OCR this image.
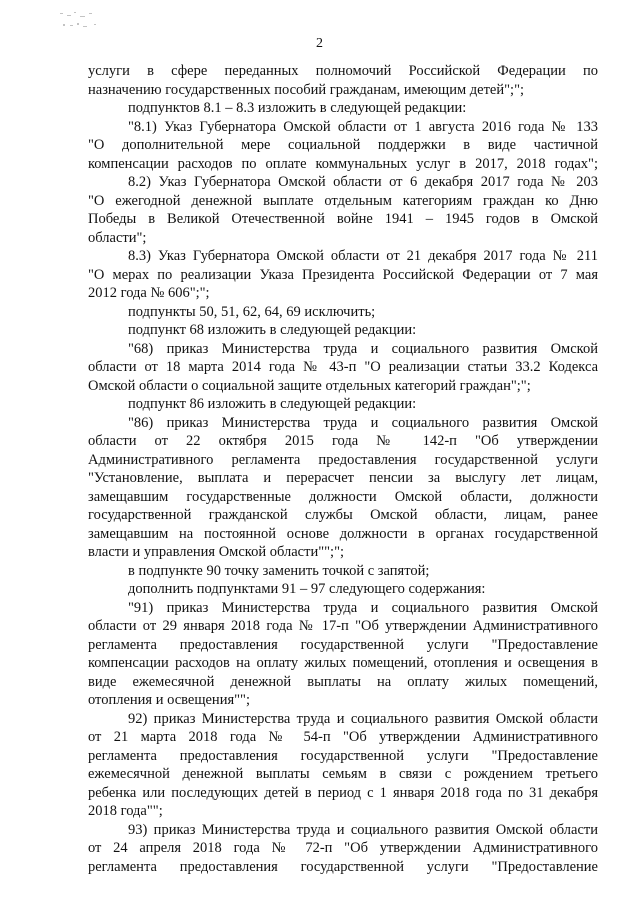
2

услуги в сфере переданных полномочий Российской Федерации по
назначению государственных пособий гражданам, имеющим детей";";

подпунктов 8.1 – 8.3 изложить в следующей редакции:

"8.1) Указ Губернатора Омской области от 1 августа 2016 года № 133
"О дополнительной мере социальной поддержки в виде частичной
компенсации расходов по оплате коммунальных услуг в 2017, 2018 годах";

8.2) Указ Губернатора Омской области от 6 декабря 2017 года № 203
"О ежегодной денежной выплате отдельным категориям граждан ко Дню
Победы в Великой Отечественной войне 1941 – 1945 годов в Омской
области";

8.3) Указ Губернатора Омской области от 21 декабря 2017 года № 211
"О мерах по реализации Указа Президента Российской Федерации от 7 мая
2012 года № 606";";

подпункты 50, 51, 62, 64, 69 исключить;

подпункт 68 изложить в следующей редакции:

"68) приказ Министерства труда и социального развития Омской
области от 18 марта 2014 года № 43-п "О реализации статьи 33.2 Кодекса
Омской области о социальной защите отдельных категорий граждан";";

подпункт 86 изложить в следующей редакции:

"86) приказ Министерства труда и социального развития Омской
области от 22 октября 2015 года № 142-п "Об утверждении
Административного регламента предоставления государственной услуги
"Установление, выплата и перерасчет пенсии за выслугу лет лицам,
замещавшим государственные должности Омской области, должности
государственной гражданской службы Омской области, лицам, ранее
замещавшим на постоянной основе должности в органах государственной
власти и управления Омской области"";";

в подпункте 90 точку заменить точкой с запятой;

дополнить подпунктами 91 – 97 следующего содержания:

"91) приказ Министерства труда и социального развития Омской
области от 29 января 2018 года № 17-п "Об утверждении Административного
регламента предоставления государственной услуги "Предоставление
компенсации расходов на оплату жилых помещений, отопления и освещения в
виде ежемесячной денежной выплаты на оплату жилых помещений,
отопления и освещения"";

92) приказ Министерства труда и социального развития Омской области
от 21 марта 2018 года № 54-п "Об утверждении Административного
регламента предоставления государственной услуги "Предоставление
ежемесячной денежной выплаты семьям в связи с рождением третьего
ребенка или последующих детей в период с 1 января 2018 года по 31 декабря
2018 года"";

93) приказ Министерства труда и социального развития Омской области
от 24 апреля 2018 года № 72-п "Об утверждении Административного
регламента предоставления государственной услуги "Предоставление
